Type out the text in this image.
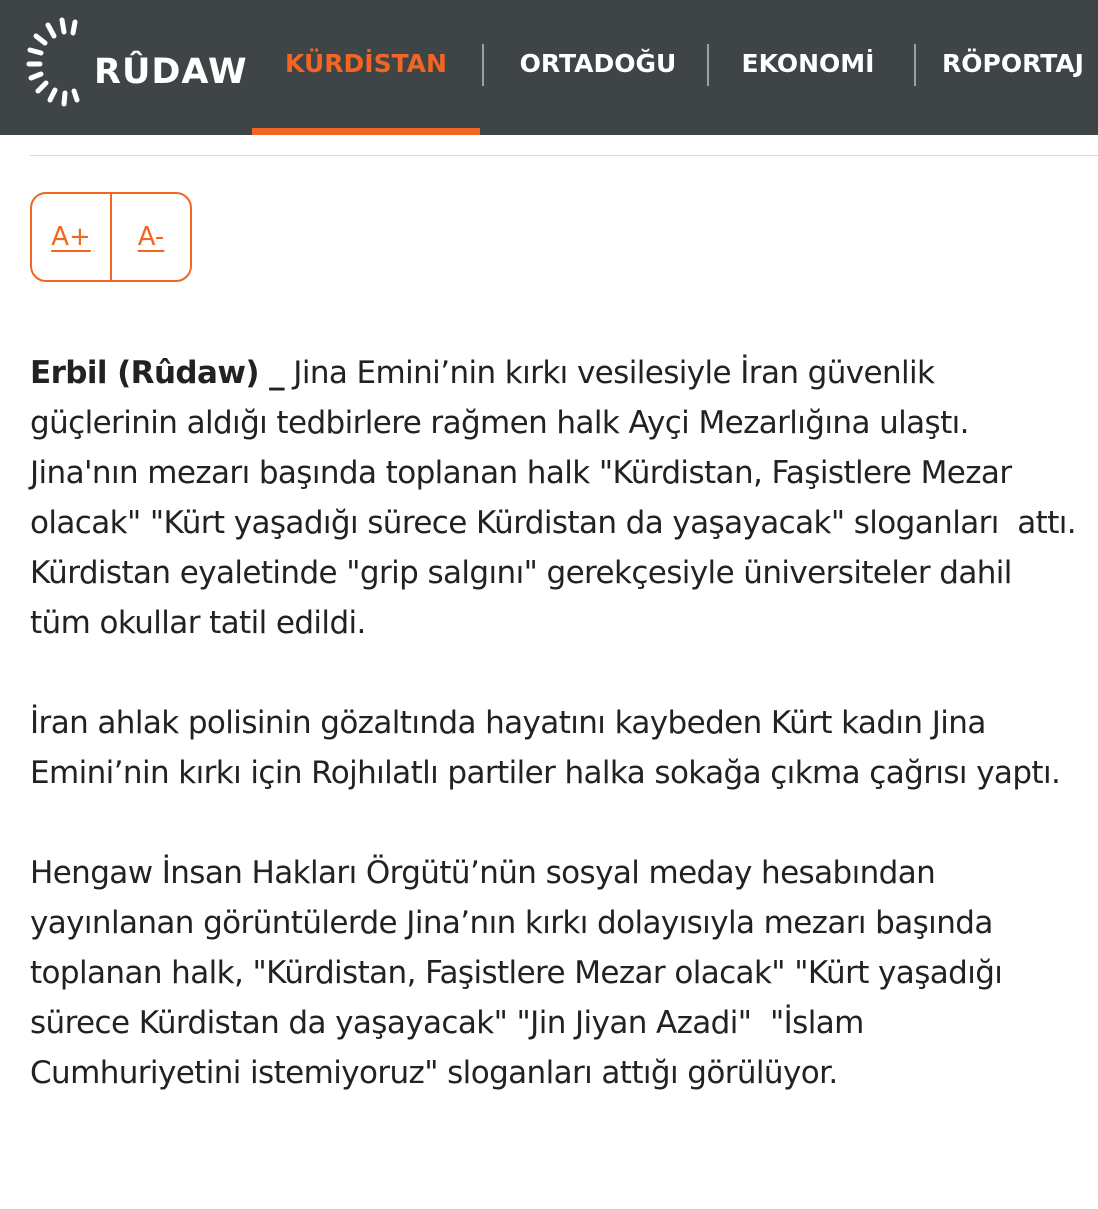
RÛDAW	KÜRDİSTAN	ORTADOĞU	EKONOMİ	RÖPORTAJ
A+	A-

Erbil (Rûdaw) _ Jina Emini’nin kırkı vesilesiyle İran güvenlik güçlerinin aldığı tedbirlere rağmen halk Ayçi Mezarlığına ulaştı. Jina'nın mezarı başında toplanan halk "Kürdistan, Faşistlere Mezar olacak" "Kürt yaşadığı sürece Kürdistan da yaşayacak" sloganları  attı. Kürdistan eyaletinde "grip salgını" gerekçesiyle üniversiteler dahil tüm okullar tatil edildi.

İran ahlak polisinin gözaltında hayatını kaybeden Kürt kadın Jina Emini’nin kırkı için Rojhılatlı partiler halka sokağa çıkma çağrısı yaptı.

Hengaw İnsan Hakları Örgütü’nün sosyal meday hesabından yayınlanan görüntülerde Jina’nın kırkı dolayısıyla mezarı başında toplanan halk, "Kürdistan, Faşistlere Mezar olacak" "Kürt yaşadığı sürece Kürdistan da yaşayacak" "Jin Jiyan Azadi"  "İslam Cumhuriyetini istemiyoruz" sloganları attığı görülüyor.
